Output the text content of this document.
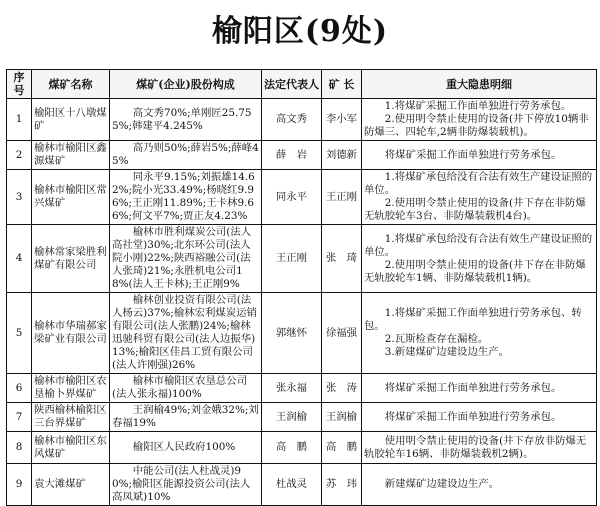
榆阳区(9处)
序号	煤矿名称	煤矿(企业)股份构成	法定代表人	矿 长	重大隐患明细
1	榆阳区十八墩煤矿	高文秀70%;单刚匠25.755%;韩建平4.245%	高文秀	李小军	1.将煤矿采掘工作面单独进行劳务承包。
2.使用明令禁止使用的设备(井下停放10辆非防爆三、四轮车,2辆非防爆装载机)。

2	榆林市榆阳区鑫源煤矿	高乃则50%;薛岩5%;薛峰45%	薛　岩	刘德新	将煤矿采掘工作面单独进行劳务承包。

3	榆林市榆阳区常兴煤矿	同永平9.15%;刘振雄14.62%;院小光33.49%;杨晓红9.96%;王正刚11.89%;王卡林9.66%;何文平7%;贾正友4.23%	同永平	王正刚	1.将煤矿承包给没有合法有效生产建设证照的单位。
2.使用明令禁止使用的设备(井下存在非防爆无轨胶轮车3台、非防爆装载机4台)。

4	榆林常家梁胜利煤矿有限公司	榆林市胜利煤炭公司(法人高社堂)30%;北东环公司(法人院小刚)22%;陕西裕融公司(法人张琦)21%;永胜机电公司18%(法人王卡林);王正刚9%	王正刚	张　琦	1.将煤矿承包给没有合法有效生产建设证照的单位。
2.使用明令禁止使用的设备(井下存在非防爆无轨胶轮车1辆、非防爆装载机1辆)。

5	榆林市华瑞郝家梁矿业有限公司	榆林创业投资有限公司(法人杨云)37%;榆林宏利煤炭运销有限公司(法人张鹏)24%;榆林迅驰科贸有限公司(法人边振华)13%;榆阳区佳昌工贸有限公司(法人许刚强)26%	郭继怀	徐福强	1.将煤矿采掘工作面单独进行劳务承包、转包。
2.瓦斯检查存在漏检。
3.新建煤矿边建设边生产。

6	榆林市榆阳区农垦榆卜界煤矿	榆林市榆阳区农垦总公司(法人张永福)100%	张永福	张　涛	将煤矿采掘工作面单独进行劳务承包。

7	陕西榆林榆阳区三台界煤矿	王润榆49%;刘金娥32%;刘春福19%	王润榆	王润榆	将煤矿采掘工作面单独进行劳务承包。

8	榆林市榆阳区东风煤矿	榆阳区人民政府100%	高　鹏	高　鹏	使用明令禁止使用的设备(井下存放非防爆无轨胶轮车16辆、非防爆装载机2辆)。

9	袁大滩煤矿	中能公司(法人杜战灵)90%;榆阳区能源投资公司(法人高凤斌)10%	杜战灵	苏　玮	新建煤矿边建设边生产。
